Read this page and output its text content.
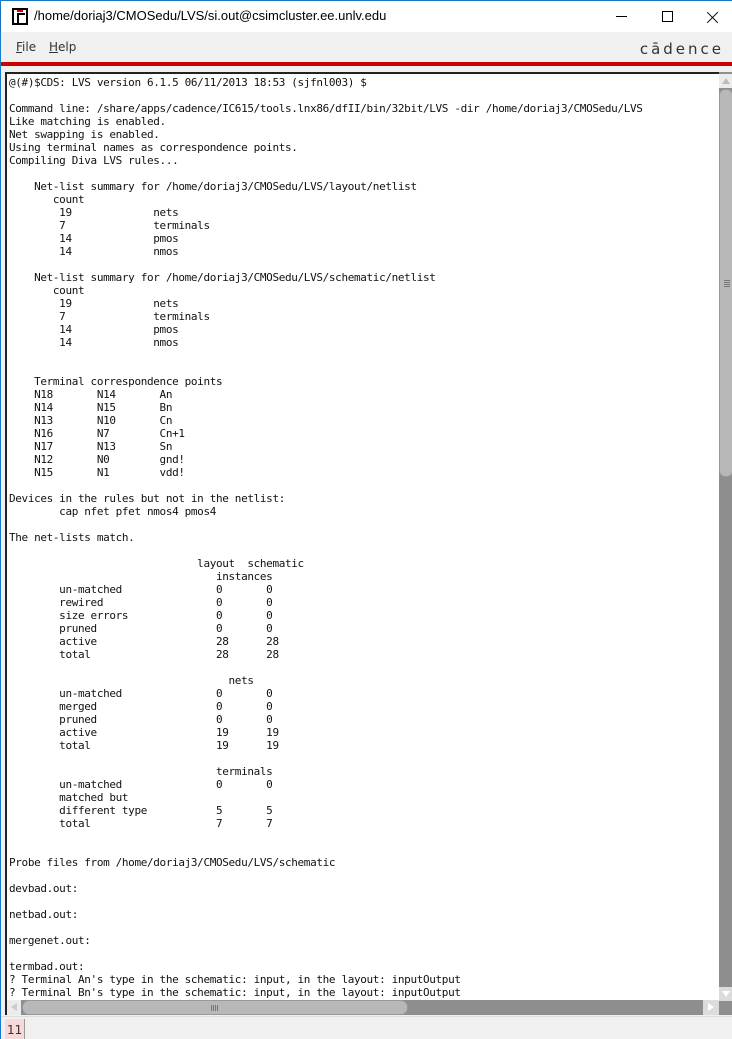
/home/doriaj3/CMOSedu/LVS/si.out@csimcluster.ee.unlv.edu
File Help	cādence
@(#)$CDS: LVS version 6.1.5 06/11/2013 18:53 (sjfnl003) $

Command line: /share/apps/cadence/IC615/tools.lnx86/dfII/bin/32bit/LVS -dir /home/doriaj3/CMOSedu/LVS
Like matching is enabled.
Net swapping is enabled.
Using terminal names as correspondence points.
Compiling Diva LVS rules...

Net-list summary for /home/doriaj3/CMOSedu/LVS/layout/netlist
count
19             nets
7              terminals
14             pmos
14             nmos

Net-list summary for /home/doriaj3/CMOSedu/LVS/schematic/netlist
count
19             nets
7              terminals
14             pmos
14             nmos

Terminal correspondence points
N18       N14       An
N14       N15       Bn
N13       N10       Cn
N16       N7        Cn+1
N17       N13       Sn
N12       N0        gnd!
N15       N1        vdd!

Devices in the rules but not in the netlist:
cap nfet pfet nmos4 pmos4

The net-lists match.

layout  schematic
instances
un-matched               0       0
rewired                  0       0
size errors              0       0
pruned                   0       0
active                   28      28
total                    28      28

nets
un-matched               0       0
merged                   0       0
pruned                   0       0
active                   19      19
total                    19      19

terminals
un-matched               0       0
matched but
different type           5       5
total                    7       7

Probe files from /home/doriaj3/CMOSedu/LVS/schematic

devbad.out:

netbad.out:

mergenet.out:

termbad.out:
? Terminal An's type in the schematic: input, in the layout: inputOutput
? Terminal Bn's type in the schematic: input, in the layout: inputOutput
11
